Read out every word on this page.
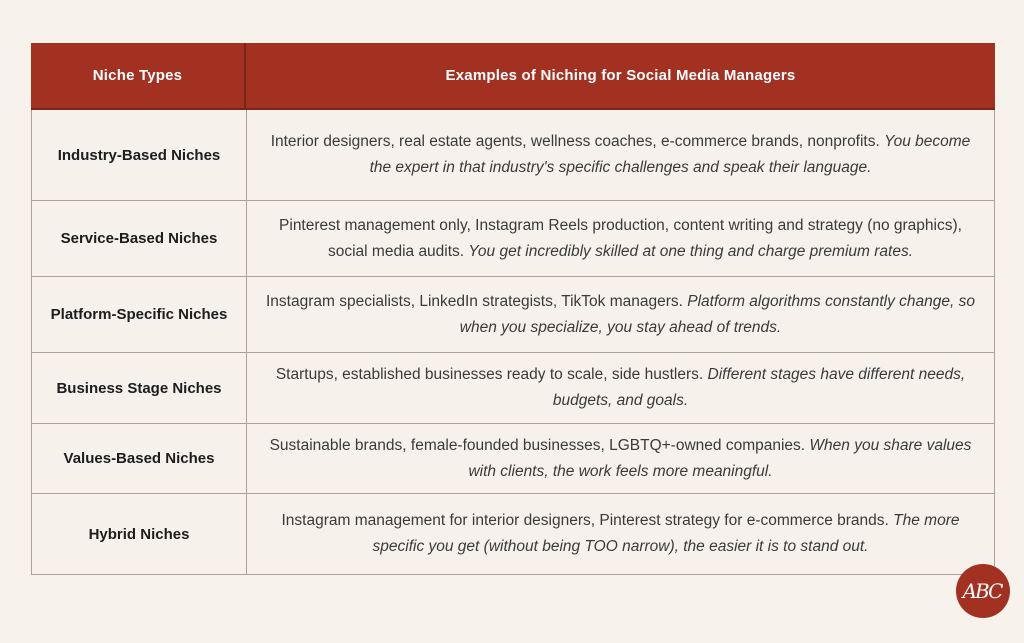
Niche Types	Examples of Niching for Social Media Managers
Industry-Based Niches

Interior designers, real estate agents, wellness coaches, e-commerce brands, nonprofits. You become the expert in that industry's specific challenges and speak their language.

Service-Based Niches

Pinterest management only, Instagram Reels production, content writing and strategy (no graphics), social media audits. You get incredibly skilled at one thing and charge premium rates.

Platform-Specific Niches

Instagram specialists, LinkedIn strategists, TikTok managers. Platform algorithms constantly change, so when you specialize, you stay ahead of trends.

Business Stage Niches

Startups, established businesses ready to scale, side hustlers. Different stages have different needs, budgets, and goals.

Values-Based Niches

Sustainable brands, female-founded businesses, LGBTQ+-owned companies. When you share values with clients, the work feels more meaningful.

Hybrid Niches

Instagram management for interior designers, Pinterest strategy for e-commerce brands. The more specific you get (without being TOO narrow), the easier it is to stand out.

ABC
